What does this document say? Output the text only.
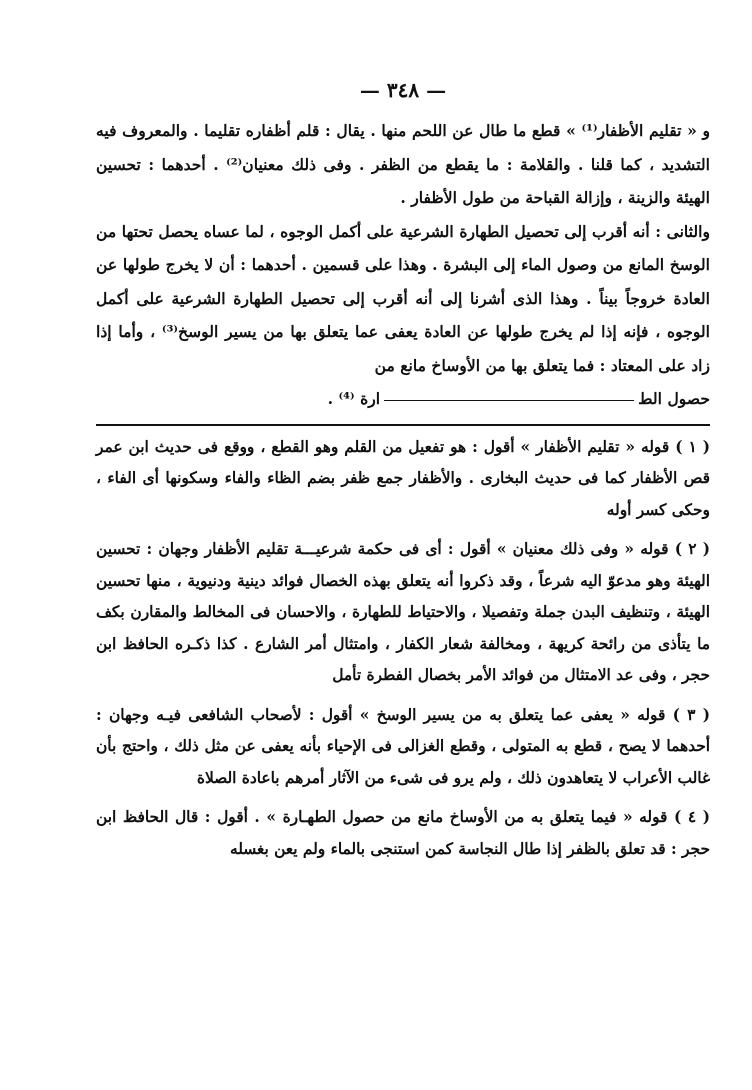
— ٣٤٨ —

و « تقليم الأظفار⁽¹⁾ » قطع ما طال عن اللحم منها . يقال : قلم أظفاره تقليما . والمعروف فيه التشديد ، كما قلنا . والقلامة : ما يقطع من الظفر . وفى ذلك معنيان⁽²⁾ . أحدهما : تحسين الهيئة والزينة ، وإزالة القباحة من طول الأظفار .

والثانى : أنه أقرب إلى تحصيل الطهارة الشرعية على أكمل الوجوه ، لما عساه يحصل تحتها من الوسخ المانع من وصول الماء إلى البشرة . وهذا على قسمين . أحدهما : أن لا يخرج طولها عن العادة خروجاً بيناً . وهذا الذى أشرنا إلى أنه أقرب إلى تحصيل الطهارة الشرعية على أكمل الوجوه ، فإنه إذا لم يخرج طولها عن العادة يعفى عما يتعلق بها من يسير الوسخ⁽³⁾ ، وأما إذا زاد على المعتاد : فما يتعلق بها من الأوساخ مانع من

حصول الطارة ⁽⁴⁾ .

( ١ ) قوله « تقليم الأظفار » أقول : هو تفعيل من القلم وهو القطع ، ووقع فى حديث ابن عمر قص الأظفار كما فى حديث البخارى . والأظفار جمع ظفر بضم الظاء والفاء وسكونها أى الفاء ، وحكى كسر أوله

( ٢ ) قوله « وفى ذلك معنيان » أقول : أى فى حكمة شرعيـــة تقليم الأظفار وجهان : تحسين الهيئة وهو مدعوّ اليه شرعاً ، وقد ذكروا أنه يتعلق بهذه الخصال فوائد دينية ودنيوية ، منها تحسين الهيئة ، وتنظيف البدن جملة وتفصيلا ، والاحتياط للطهارة ، والاحسان فى المخالط والمقارن بكف ما يتأذى من رائحة كريهة ، ومخالفة شعار الكفار ، وامتثال أمر الشارع . كذا ذكـره الحافظ ابن حجر ، وفى عد الامتثال من فوائد الأمر بخصال الفطرة تأمل

( ٣ ) قوله « يعفى عما يتعلق به من يسير الوسخ » أقول : لأصحاب الشافعى فيـه وجهان : أحدهما لا يصح ، قطع به المتولى ، وقطع الغزالى فى الإحياء بأنه يعفى عن مثل ذلك ، واحتج بأن غالب الأعراب لا يتعاهدون ذلك ، ولم يرو فى شىء من الآثار أمرهم باعادة الصلاة

( ٤ ) قوله « فيما يتعلق به من الأوساخ مانع من حصول الطهـارة » . أقول : قال الحافظ ابن حجر : قد تعلق بالظفر إذا طال النجاسة كمن استنجى بالماء ولم يعن بغسله
